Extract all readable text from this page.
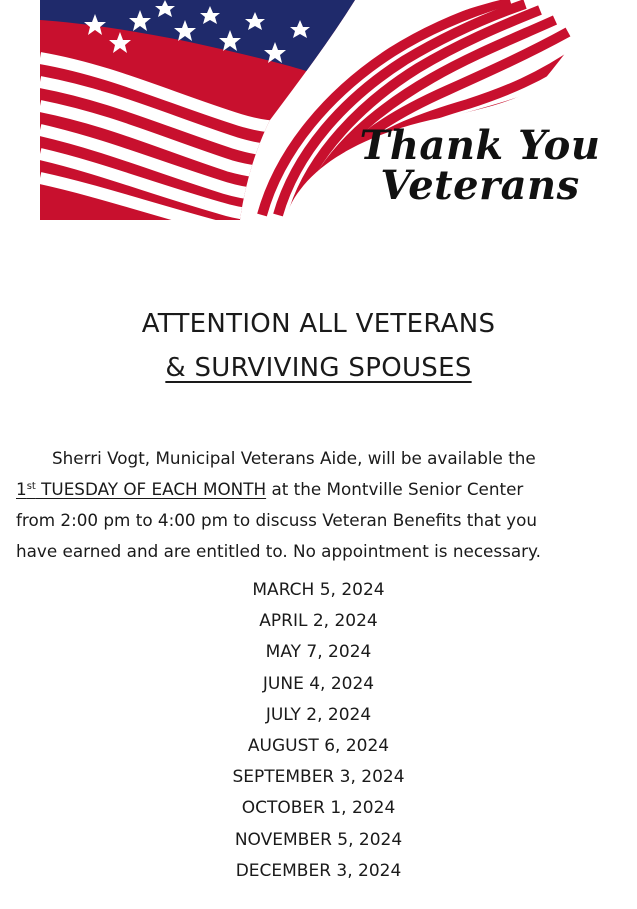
Thank You
Veterans
ATTENTION ALL VETERANS
& SURVIVING SPOUSES
Sherri Vogt, Municipal Veterans Aide, will be available the
1st TUESDAY OF EACH MONTH at the Montville Senior Center
from 2:00 pm to 4:00 pm to discuss Veteran Benefits that you
have earned and are entitled to. No appointment is necessary.
MARCH 5, 2024
APRIL 2, 2024
MAY 7, 2024
JUNE 4, 2024
JULY 2, 2024
AUGUST 6, 2024
SEPTEMBER 3, 2024
OCTOBER 1, 2024
NOVEMBER 5, 2024
DECEMBER 3, 2024
